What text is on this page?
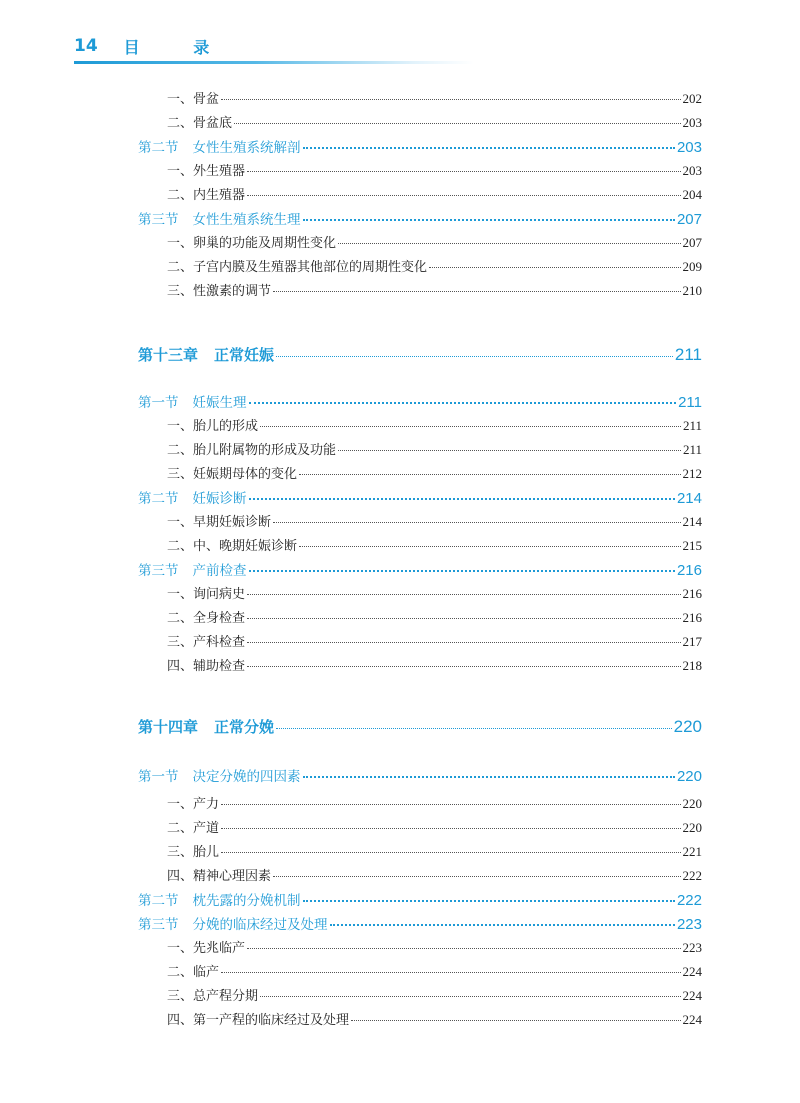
14 目 录
一、骨盆	202
二、骨盆底	203
第二节 女性生殖系统解剖	203
一、外生殖器	203
二、内生殖器	204
第三节 女性生殖系统生理	207
一、卵巢的功能及周期性变化	207
二、子宫内膜及生殖器其他部位的周期性变化	209
三、性激素的调节	210
第十三章 正常妊娠	211
第一节 妊娠生理	211
一、胎儿的形成	211
二、胎儿附属物的形成及功能	211
三、妊娠期母体的变化	212
第二节 妊娠诊断	214
一、早期妊娠诊断	214
二、中、晚期妊娠诊断	215
第三节 产前检查	216
一、询问病史	216
二、全身检查	216
三、产科检查	217
四、辅助检查	218
第十四章 正常分娩	220
第一节 决定分娩的四因素	220
一、产力	220
二、产道	220
三、胎儿	221
四、精神心理因素	222
第二节 枕先露的分娩机制	222
第三节 分娩的临床经过及处理	223
一、先兆临产	223
二、临产	224
三、总产程分期	224
四、第一产程的临床经过及处理	224
